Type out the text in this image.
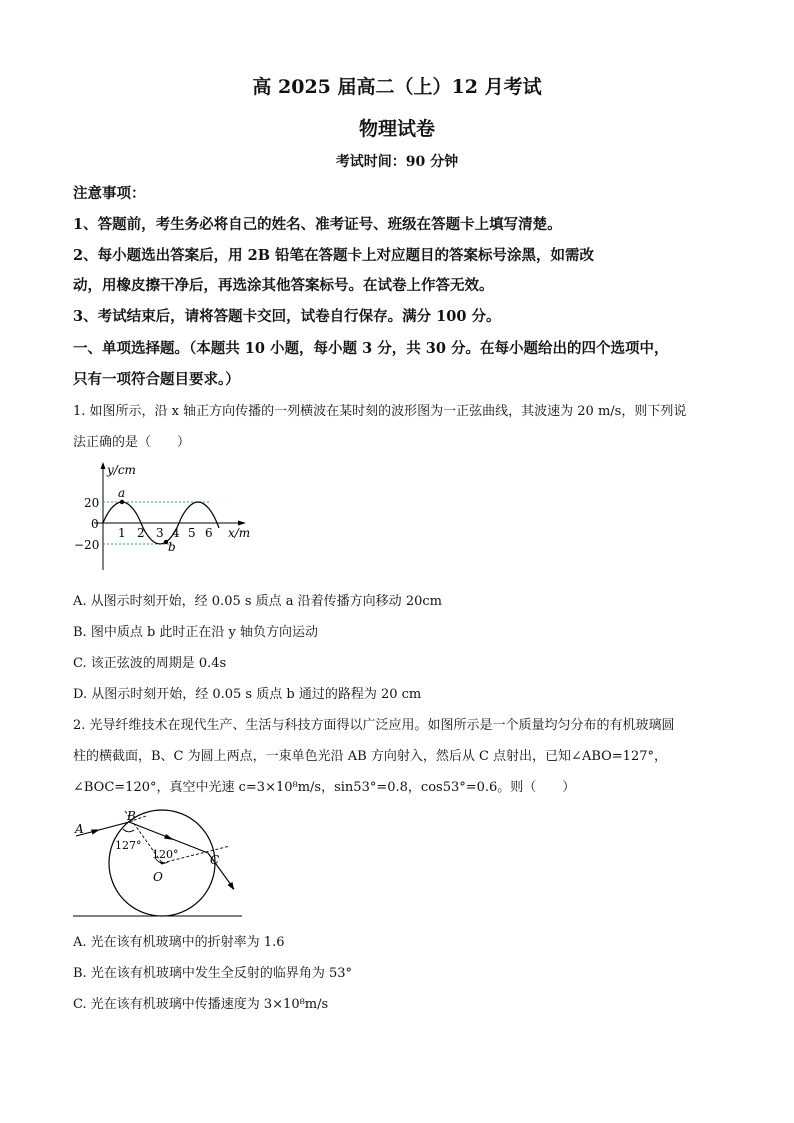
高 2025 届高二（上）12 月考试
物理试卷
考试时间：90 分钟
注意事项：
1、答题前，考生务必将自己的姓名、准考证号、班级在答题卡上填写清楚。
2、每小题选出答案后，用 2B 铅笔在答题卡上对应题目的答案标号涂黑，如需改
动，用橡皮擦干净后，再选涂其他答案标号。在试卷上作答无效。
3、考试结束后，请将答题卡交回，试卷自行保存。满分 100 分。
一、单项选择题。（本题共 10 小题，每小题 3 分，共 30 分。在每小题给出的四个选项中，
只有一项符合题目要求。）
1. 如图所示，沿 x 轴正方向传播的一列横波在某时刻的波形图为一正弦曲线，其波速为 20 m/s，则下列说
法正确的是（　　）
y/cm
x/m
20
0
−20
1 2 3 4 5 6
a
b
A. 从图示时刻开始，经 0.05 s 质点 a 沿着传播方向移动 20cm
B. 图中质点 b 此时正在沿 y 轴负方向运动
C. 该正弦波的周期是 0.4s
D. 从图示时刻开始，经 0.05 s 质点 b 通过的路程为 20 cm
2. 光导纤维技术在现代生产、生活与科技方面得以广泛应用。如图所示是一个质量均匀分布的有机玻璃圆
柱的横截面，B、C 为圆上两点，一束单色光沿 AB 方向射入，然后从 C 点射出，已知∠ABO=127°，
∠BOC=120°，真空中光速 c=3×10⁸m/s，sin53°=0.8，cos53°=0.6。则（　　）
A
B
C
O
127°
120°
A. 光在该有机玻璃中的折射率为 1.6
B. 光在该有机玻璃中发生全反射的临界角为 53°
C. 光在该有机玻璃中传播速度为 3×10⁸m/s
